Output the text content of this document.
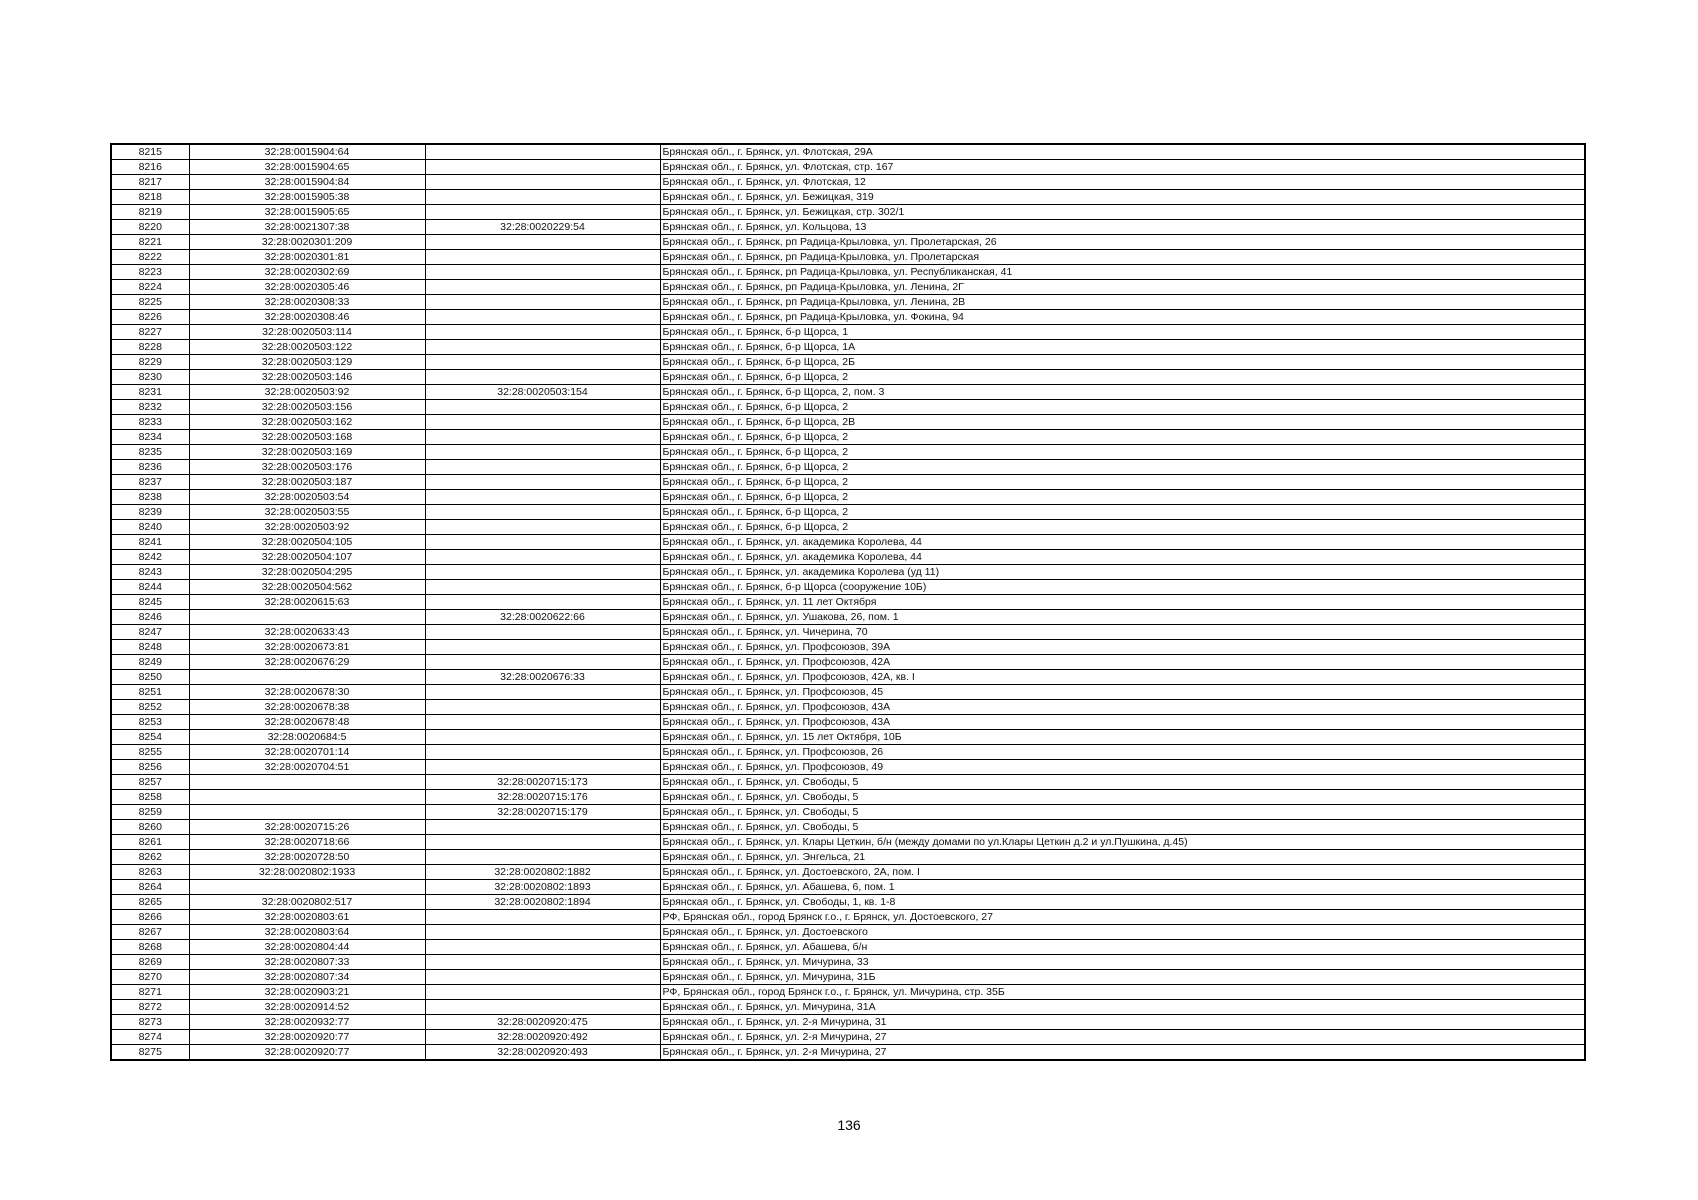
8215	32:28:0015904:64		Брянская обл., г. Брянск, ул. Флотская, 29А
8216	32:28:0015904:65		Брянская обл., г. Брянск, ул. Флотская, стр. 167
8217	32:28:0015904:84		Брянская обл., г. Брянск, ул. Флотская, 12
8218	32:28:0015905:38		Брянская обл., г. Брянск, ул. Бежицкая, 319
8219	32:28:0015905:65		Брянская обл., г. Брянск, ул. Бежицкая, стр. 302/1
8220	32:28:0021307:38	32:28:0020229:54	Брянская обл., г. Брянск, ул. Кольцова, 13
8221	32:28:0020301:209		Брянская обл., г. Брянск, рп Радица-Крыловка, ул. Пролетарская, 26
8222	32:28:0020301:81		Брянская обл., г. Брянск, рп Радица-Крыловка, ул. Пролетарская
8223	32:28:0020302:69		Брянская обл., г. Брянск, рп Радица-Крыловка, ул. Республиканская, 41
8224	32:28:0020305:46		Брянская обл., г. Брянск, рп Радица-Крыловка, ул. Ленина, 2Г
8225	32:28:0020308:33		Брянская обл., г. Брянск, рп Радица-Крыловка, ул. Ленина, 2В
8226	32:28:0020308:46		Брянская обл., г. Брянск, рп Радица-Крыловка, ул. Фокина, 94
8227	32:28:0020503:114		Брянская обл., г. Брянск, б-р Щорса, 1
8228	32:28:0020503:122		Брянская обл., г. Брянск, б-р Щорса, 1А
8229	32:28:0020503:129		Брянская обл., г. Брянск, б-р Щорса, 2Б
8230	32:28:0020503:146		Брянская обл., г. Брянск, б-р Щорса, 2
8231	32:28:0020503:92	32:28:0020503:154	Брянская обл., г. Брянск, б-р Щорса, 2, пом. 3
8232	32:28:0020503:156		Брянская обл., г. Брянск, б-р Щорса, 2
8233	32:28:0020503:162		Брянская обл., г. Брянск, б-р Щорса, 2В
8234	32:28:0020503:168		Брянская обл., г. Брянск, б-р Щорса, 2
8235	32:28:0020503:169		Брянская обл., г. Брянск, б-р Щорса, 2
8236	32:28:0020503:176		Брянская обл., г. Брянск, б-р Щорса, 2
8237	32:28:0020503:187		Брянская обл., г. Брянск, б-р Щорса, 2
8238	32:28:0020503:54		Брянская обл., г. Брянск, б-р Щорса, 2
8239	32:28:0020503:55		Брянская обл., г. Брянск, б-р Щорса, 2
8240	32:28:0020503:92		Брянская обл., г. Брянск, б-р Щорса, 2
8241	32:28:0020504:105		Брянская обл., г. Брянск, ул. академика Королева, 44
8242	32:28:0020504:107		Брянская обл., г. Брянск, ул. академика Королева, 44
8243	32:28:0020504:295		Брянская обл., г. Брянск, ул. академика Королева (уд 11)
8244	32:28:0020504:562		Брянская обл., г. Брянск, б-р Щорса (сооружение 10Б)
8245	32:28:0020615:63		Брянская обл., г. Брянск, ул. 11 лет Октября
8246		32:28:0020622:66	Брянская обл., г. Брянск, ул. Ушакова, 26, пом. 1
8247	32:28:0020633:43		Брянская обл., г. Брянск, ул. Чичерина, 70
8248	32:28:0020673:81		Брянская обл., г. Брянск, ул. Профсоюзов, 39А
8249	32:28:0020676:29		Брянская обл., г. Брянск, ул. Профсоюзов, 42А
8250		32:28:0020676:33	Брянская обл., г. Брянск, ул. Профсоюзов, 42А, кв. I
8251	32:28:0020678:30		Брянская обл., г. Брянск, ул. Профсоюзов, 45
8252	32:28:0020678:38		Брянская обл., г. Брянск, ул. Профсоюзов, 43А
8253	32:28:0020678:48		Брянская обл., г. Брянск, ул. Профсоюзов, 43А
8254	32:28:0020684:5		Брянская обл., г. Брянск, ул. 15 лет Октября, 10Б
8255	32:28:0020701:14		Брянская обл., г. Брянск, ул. Профсоюзов, 26
8256	32:28:0020704:51		Брянская обл., г. Брянск, ул. Профсоюзов, 49
8257		32:28:0020715:173	Брянская обл., г. Брянск, ул. Свободы, 5
8258		32:28:0020715:176	Брянская обл., г. Брянск, ул. Свободы, 5
8259		32:28:0020715:179	Брянская обл., г. Брянск, ул. Свободы, 5
8260	32:28:0020715:26		Брянская обл., г. Брянск, ул. Свободы, 5
8261	32:28:0020718:66		Брянская обл., г. Брянск, ул. Клары Цеткин, б/н (между домами по ул.Клары Цеткин д.2 и ул.Пушкина, д.45)
8262	32:28:0020728:50		Брянская обл., г. Брянск, ул. Энгельса, 21
8263	32:28:0020802:1933	32:28:0020802:1882	Брянская обл., г. Брянск, ул. Достоевского, 2А, пом. I
8264		32:28:0020802:1893	Брянская обл., г. Брянск, ул. Абашева, 6, пом. 1
8265	32:28:0020802:517	32:28:0020802:1894	Брянская обл., г. Брянск, ул. Свободы, 1, кв. 1-8
8266	32:28:0020803:61		РФ, Брянская обл., город Брянск г.о., г. Брянск, ул. Достоевского, 27
8267	32:28:0020803:64		Брянская обл., г. Брянск, ул. Достоевского
8268	32:28:0020804:44		Брянская обл., г. Брянск, ул. Абашева, б/н
8269	32:28:0020807:33		Брянская обл., г. Брянск, ул. Мичурина, 33
8270	32:28:0020807:34		Брянская обл., г. Брянск, ул. Мичурина, 31Б
8271	32:28:0020903:21		РФ, Брянская обл., город Брянск г.о., г. Брянск, ул. Мичурина, стр. 35Б
8272	32:28:0020914:52		Брянская обл., г. Брянск, ул. Мичурина, 31А
8273	32:28:0020932:77	32:28:0020920:475	Брянская обл., г. Брянск, ул. 2-я Мичурина, 31
8274	32:28:0020920:77	32:28:0020920:492	Брянская обл., г. Брянск, ул. 2-я Мичурина, 27
8275	32:28:0020920:77	32:28:0020920:493	Брянская обл., г. Брянск, ул. 2-я Мичурина, 27
136
